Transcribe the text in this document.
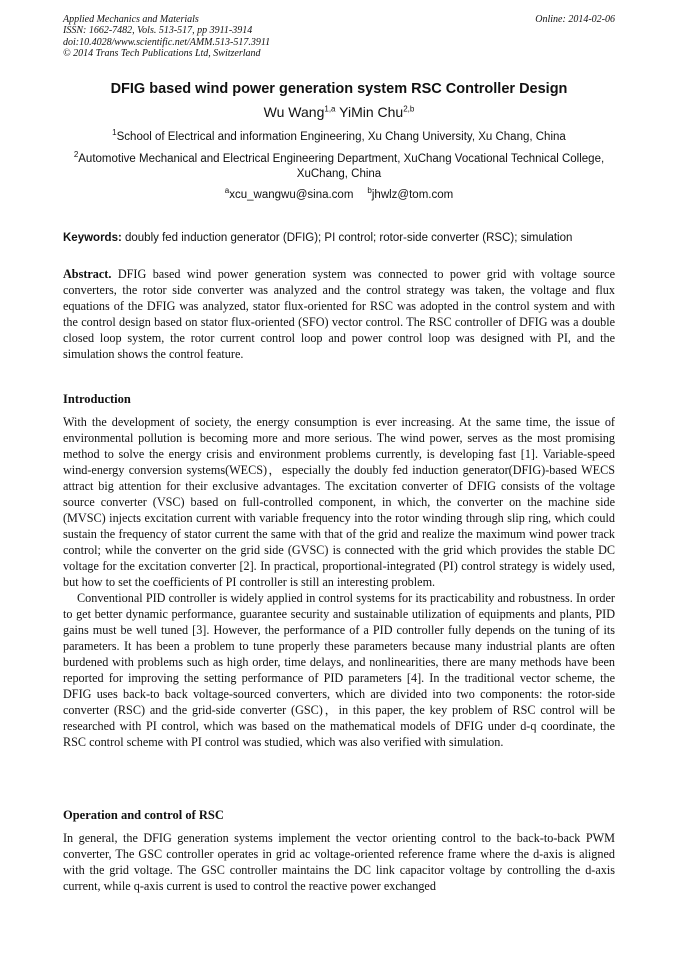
Applied Mechanics and Materials
ISSN: 1662-7482, Vols. 513-517, pp 3911-3914
doi:10.4028/www.scientific.net/AMM.513-517.3911
© 2014 Trans Tech Publications Ltd, Switzerland
Online: 2014-02-06
DFIG based wind power generation system RSC Controller Design
Wu Wang$^{1,a}$ YiMin Chu$^{2,b}$
$^1$School of Electrical and information Engineering, Xu Chang University, Xu Chang, China
$^2$Automotive Mechanical and Electrical Engineering Department, XuChang Vocational Technical College, XuChang, China
$^a$xcu_wangwu@sina.com $^b$jhwlz@tom.com
Keywords: doubly fed induction generator (DFIG); PI control; rotor-side converter (RSC); simulation

Abstract. DFIG based wind power generation system was connected to power grid with voltage source converters, the rotor side converter was analyzed and the control strategy was taken, the voltage and flux equations of the DFIG was analyzed, stator flux-oriented for RSC was adopted in the control system and with the control design based on stator flux-oriented (SFO) vector control. The RSC controller of DFIG was a double closed loop system, the rotor current control loop and power control loop was designed with PI, and the simulation shows the control feature.

Introduction

With the development of society, the energy consumption is ever increasing. At the same time, the issue of environmental pollution is becoming more and more serious. The wind power, serves as the most promising method to solve the energy crisis and environment problems currently, is developing fast [1]. Variable-speed wind-energy conversion systems(WECS)，especially the doubly fed induction generator(DFIG)-based WECS attract big attention for their exclusive advantages. The excitation converter of DFIG consists of the voltage source converter (VSC) based on full-controlled component, in which, the converter on the machine side (MVSC) injects excitation current with variable frequency into the rotor winding through slip ring, which could sustain the frequency of stator current the same with that of the grid and realize the maximum wind power track control; while the converter on the grid side (GVSC) is connected with the grid which provides the stable DC voltage for the excitation converter [2]. In practical, proportional-integrated (PI) control strategy is widely used, but how to set the coefficients of PI controller is still an interesting problem.

Conventional PID controller is widely applied in control systems for its practicability and robustness. In order to get better dynamic performance, guarantee security and sustainable utilization of equipments and plants, PID gains must be well tuned [3]. However, the performance of a PID controller fully depends on the tuning of its parameters. It has been a problem to tune properly these parameters because many industrial plants are often burdened with problems such as high order, time delays, and nonlinearities, there are many methods have been reported for improving the setting performance of PID parameters [4]. In the traditional vector scheme, the DFIG uses back-to back voltage-sourced converters, which are divided into two components: the rotor-side converter (RSC) and the grid-side converter (GSC)，in this paper, the key problem of RSC control will be researched with PI control, which was based on the mathematical models of DFIG under d-q coordinate, the RSC control scheme with PI control was studied, which was also verified with simulation.

Operation and control of RSC

In general, the DFIG generation systems implement the vector orienting control to the back-to-back PWM converter, The GSC controller operates in grid ac voltage-oriented reference frame where the d-axis is aligned with the grid voltage. The GSC controller maintains the DC link capacitor voltage by controlling the d-axis current, while q-axis current is used to control the reactive power exchanged
